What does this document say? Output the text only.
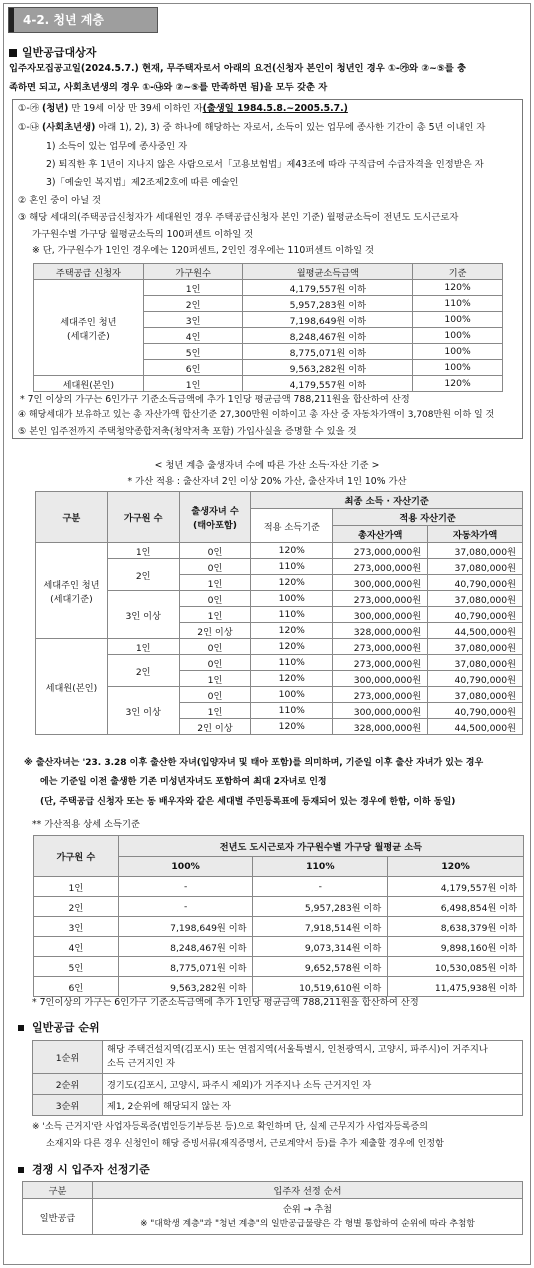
4-2. 청년 계층
일반공급대상자
입주자모집공고일(2024.5.7.) 현재, 무주택자로서 아래의 요건(신청자 본인이 청년인 경우 ①-㉮와 ②~⑤를 충
족하면 되고, 사회초년생의 경우 ①-㉯와 ②~⑤를 만족하면 됨)을 모두 갖춘 자
①-㉮ (청년) 만 19세 이상 만 39세 이하인 자(출생일 1984.5.8.~2005.5.7.)
①-㉯ (사회초년생) 아래 1), 2), 3) 중 하나에 해당하는 자로서, 소득이 있는 업무에 종사한 기간이 총 5년 이내인 자
1) 소득이 있는 업무에 종사중인 자
2) 퇴직한 후 1년이 지나지 않은 사람으로서「고용보험법」제43조에 따라 구직급여 수급자격을 인정받은 자
3)「예술인 복지법」제2조제2호에 따른 예술인
② 혼인 중이 아닐 것
③ 해당 세대의(주택공급신청자가 세대원인 경우 주택공급신청자 본인 기준) 월평균소득이 전년도 도시근로자
가구원수별 가구당 월평균소득의 100퍼센트 이하일 것
※ 단, 가구원수가 1인인 경우에는 120퍼센트, 2인인 경우에는 110퍼센트 이하일 것
주택공급 신청자	가구원수	월평균소득금액	기준

세대주인 청년
(세대기준)	1인	4,179,557원 이하	120%
	2인	5,957,283원 이하	110%
	3인	7,198,649원 이하	100%
	4인	8,248,467원 이하	100%
	5인	8,775,071원 이하	100%
	6인	9,563,282원 이하	100%
세대원(본인)	1인	4,179,557원 이하	120%
* 7인 이상의 가구는 6인가구 기준소득금액에 추가 1인당 평균금액 788,211원을 합산하여 산정
④ 해당세대가 보유하고 있는 총 자산가액 합산기준 27,300만원 이하이고 총 자산 중 자동차가액이 3,708만원 이하 일 것
⑤ 본인 입주전까지 주택청약종합저축(청약저축 포함) 가입사실을 증명할 수 있을 것
< 청년 계층 출생자녀 수에 따른 가산 소득·자산 기준 >
* 가산 적용 : 출산자녀 2인 이상 20% 가산, 출산자녀 1인 10% 가산
구분	가구원 수	출생자녀 수
(태아포함)	최종 소득 · 자산기준		
			적용 소득기준	적용 자산기준	
				총자산가액	자동차가액

세대주인 청년
(세대기준)	1인	0인	120%	273,000,000원	37,080,000원
	2인	0인	110%	273,000,000원	37,080,000원
		1인	120%	300,000,000원	40,790,000원
	3인 이상	0인	100%	273,000,000원	37,080,000원
		1인	110%	300,000,000원	40,790,000원
		2인 이상	120%	328,000,000원	44,500,000원
세대원(본인)	1인	0인	120%	273,000,000원	37,080,000원
	2인	0인	110%	273,000,000원	37,080,000원
		1인	120%	300,000,000원	40,790,000원
	3인 이상	0인	100%	273,000,000원	37,080,000원
		1인	110%	300,000,000원	40,790,000원
		2인 이상	120%	328,000,000원	44,500,000원
※ 출산자녀는 '23. 3.28 이후 출산한 자녀(입양자녀 및 태아 포함)를 의미하며, 기준일 이후 출산 자녀가 있는 경우
에는 기준일 이전 출생한 기존 미성년자녀도 포함하여 최대 2자녀로 인정
(단, 주택공급 신청자 또는 동 배우자와 같은 세대별 주민등록표에 등재되어 있는 경우에 한함, 이하 동일)
** 가산적용 상세 소득기준
가구원 수	전년도 도시근로자 가구원수별 가구당 월평균 소득		
	100%	110%	120%
1인	-	-	4,179,557원 이하
2인	-	5,957,283원 이하	6,498,854원 이하
3인	7,198,649원 이하	7,918,514원 이하	8,638,379원 이하
4인	8,248,467원 이하	9,073,314원 이하	9,898,160원 이하
5인	8,775,071원 이하	9,652,578원 이하	10,530,085원 이하
6인	9,563,282원 이하	10,519,610원 이하	11,475,938원 이하
* 7인이상의 가구는 6인가구 기준소득금액에 추가 1인당 평균금액 788,211원을 합산하여 산정
일반공급 순위
1순위	해당 주택건설지역(김포시) 또는 연접지역(서울특별시, 인천광역시, 고양시, 파주시)이 거주지나
소득 근거지인 자

2순위	경기도(김포시, 고양시, 파주시 제외)가 거주지나 소득 근거지인 자
3순위	제1, 2순위에 해당되지 않는 자
※ '소득 근거지'란 사업자등록증(법인등기부등본 등)으로 확인하며 단, 실제 근무지가 사업자등록증의
소재지와 다른 경우 신청인이 해당 증빙서류(재직증명서, 근로계약서 등)를 추가 제출할 경우에 인정함
경쟁 시 입주자 선정기준
구분	입주자 선정 순서
일반공급	순위 → 추첨
※ "대학생 계층"과 "청년 계층"의 일반공급물량은 각 형별 통합하여 순위에 따라 추첨함
